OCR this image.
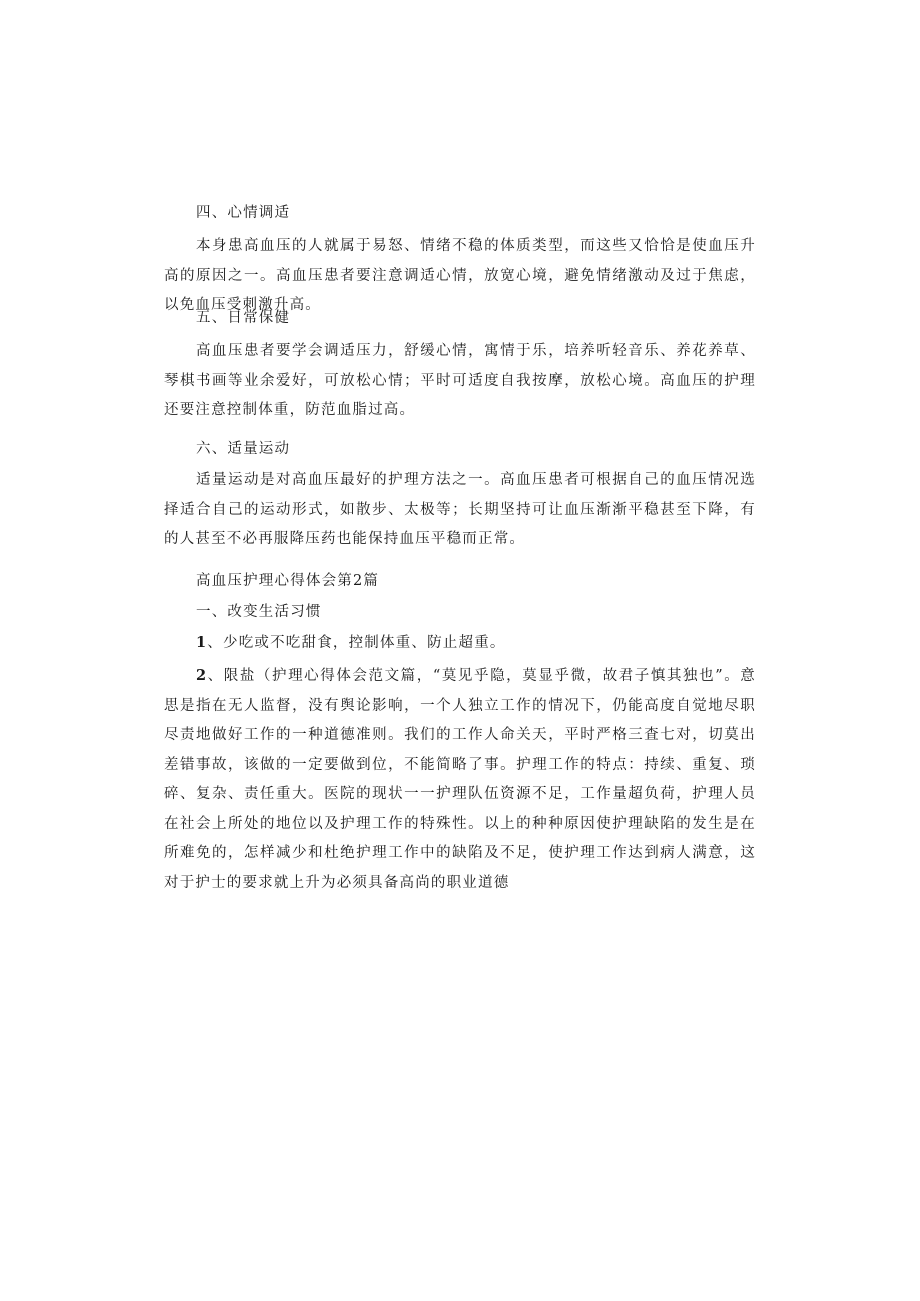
四、心情调适
本身患高血压的人就属于易怒、情绪不稳的体质类型，而这些又恰恰是使血压升高的原因之一。高血压患者要注意调适心情，放宽心境，避免情绪激动及过于焦虑，以免血压受刺激升高。
五、日常保健
高血压患者要学会调适压力，舒缓心情，寓情于乐，培养听轻音乐、养花养草、琴棋书画等业余爱好，可放松心情；平时可适度自我按摩，放松心境。高血压的护理还要注意控制体重，防范血脂过高。
六、适量运动
适量运动是对高血压最好的护理方法之一。高血压患者可根据自己的血压情况选择适合自己的运动形式，如散步、太极等；长期坚持可让血压渐渐平稳甚至下降，有的人甚至不必再服降压药也能保持血压平稳而正常。
高血压护理心得体会第2篇
一、改变生活习惯
1、少吃或不吃甜食，控制体重、防止超重。
2、限盐（护理心得体会范文篇，“莫见乎隐，莫显乎微，故君子慎其独也”。意思是指在无人监督，没有舆论影响，一个人独立工作的情况下，仍能高度自觉地尽职尽责地做好工作的一种道德准则。我们的工作人命关天，平时严格三査七对，切莫出差错事故，该做的一定要做到位，不能简略了事。护理工作的特点：持续、重复、琐碎、复杂、责任重大。医院的现状一一护理队伍资源不足，工作量超负荷，护理人员在社会上所处的地位以及护理工作的特殊性。以上的种种原因使护理缺陷的发生是在所难免的，怎样减少和杜绝护理工作中的缺陷及不足，使护理工作达到病人满意，这对于护士的要求就上升为必须具备高尚的职业道德
